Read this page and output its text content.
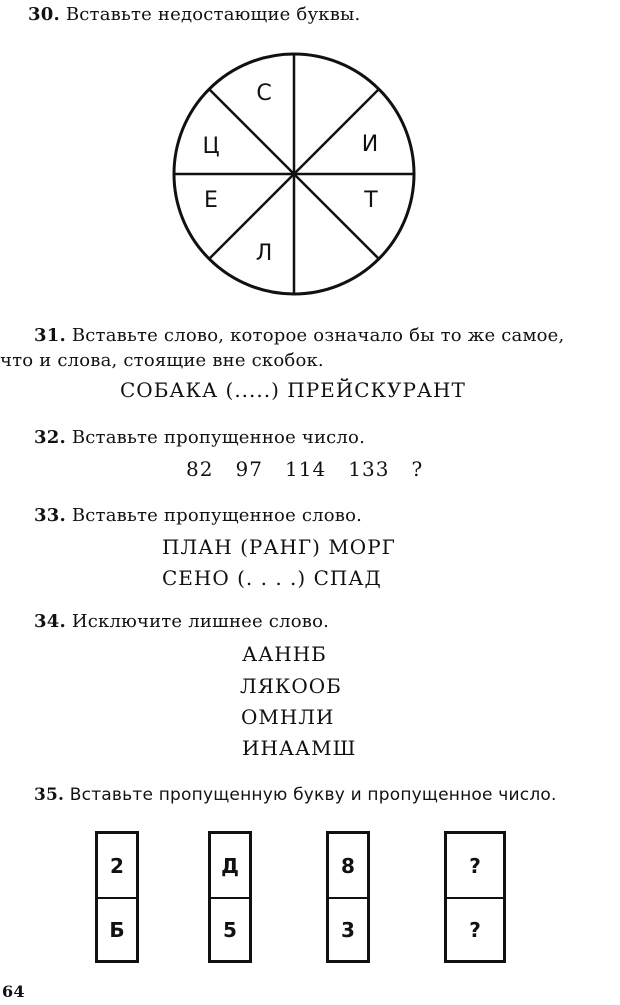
30. Вставьте недостающие буквы.
С
И
Т
Л
Е
Ц
31. Вставьте слово, которое означало бы то же самое,
что и слова, стоящие вне скобок.
СОБАКА (.....) ПРЕЙСКУРАНТ
32. Вставьте пропущенное число.
82   97   114   133   ?
33. Вставьте пропущенное слово.
ПЛАН (РАНГ) МОРГ
СЕНО (. . . .) СПАД
34. Исключите лишнее слово.
ААННБ
ЛЯКООБ
ОМНЛИ
ИНААМШ
35. Вставьте пропущенную букву и пропущенное число.
2
Б
Д
5
8
3
?
?
64
